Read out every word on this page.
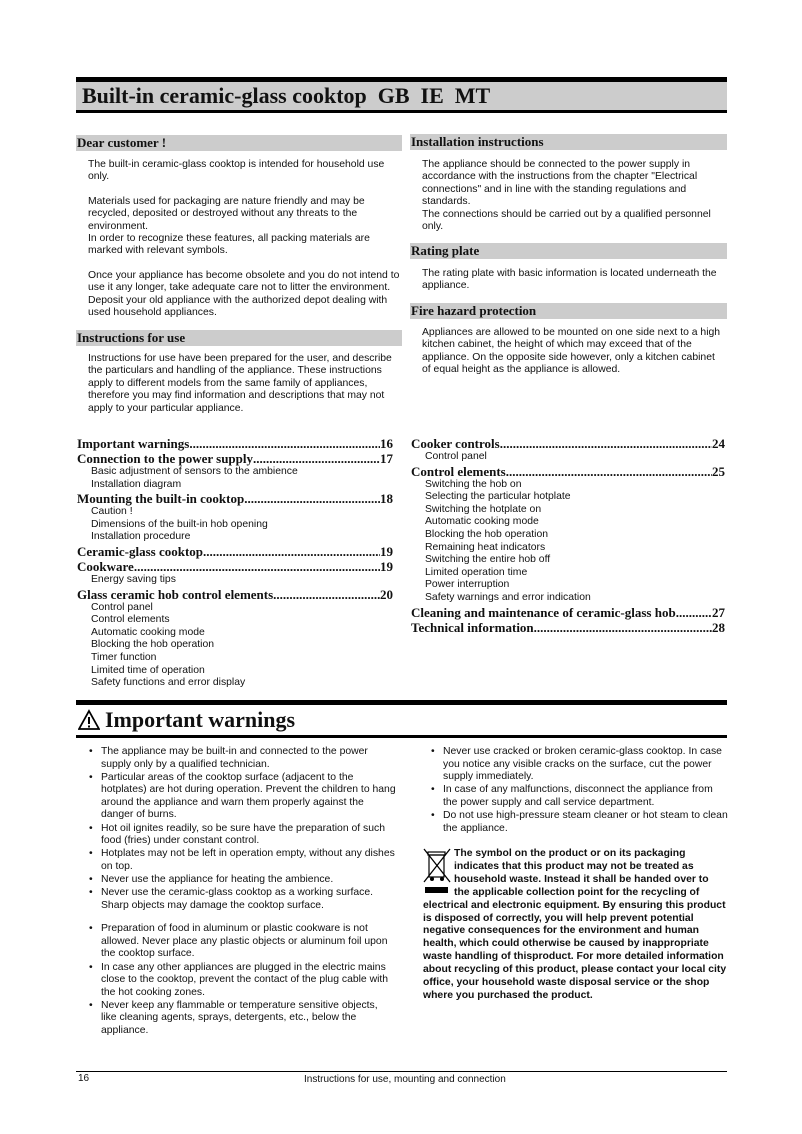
Built-in ceramic-glass cooktop  GB  IE  MT
Dear customer !

The built-in ceramic-glass cooktop is intended for household use only.

Materials used for packaging are nature friendly and may be recycled, deposited or destroyed without any threats to the environment.

In order to recognize these features, all packing materials are marked with relevant symbols.

Once your appliance has become obsolete and you do not intend to use it any longer, take adequate care not to litter the environment. Deposit your old appliance with the authorized depot dealing with used household appliances.

Instructions for use

Instructions for use have been prepared for the user, and describe the particulars and handling of the appliance. These instructions apply to different models from the same family of appliances, therefore you may find information and descriptions that may not apply to your particular appliance.

Installation instructions

The appliance should be connected to the power supply in accordance with the instructions from the chapter "Electrical connections" and in line with the standing regulations and standards.

The connections should be carried out by a qualified personnel only.

Rating plate

The rating plate with basic information is located underneath the appliance.

Fire hazard protection

Appliances are allowed to be mounted on one side next to a high kitchen cabinet, the height of which may exceed that of the appliance. On the opposite side however, only a kitchen cabinet of equal height as the appliance is allowed.

Important warnings .....	16
Connection to the power supply .....	17
Basic adjustment of sensors to the ambience
Installation diagram
Mounting the built-in cooktop .....	18
Caution !
Dimensions of the built-in hob opening
Installation procedure
Ceramic-glass cooktop .....	19
Cookware .....	19
Energy saving tips
Glass ceramic hob control elements .....	20
Control panel
Control elements
Automatic cooking mode
Blocking the hob operation
Timer function
Limited time of operation
Safety functions and error display
Cooker controls .....	24
Control panel
Control elements .....	25
Switching the hob on
Selecting the particular hotplate
Switching the hotplate on
Automatic cooking mode
Blocking the hob operation
Remaining heat indicators
Switching the entire hob off
Limited operation time
Power interruption
Safety warnings and error indication
Cleaning and maintenance of ceramic-glass hob .....	27
Technical information .....	28
Important warnings
• The appliance may be built-in and connected to the power supply only by a qualified technician.
• Particular areas of the cooktop surface (adjacent to the hotplates) are hot during operation. Prevent the children to hang around the appliance and warn them properly against the danger of burns.
• Hot oil ignites readily, so be sure have the preparation of such food (fries) under constant control.
• Hotplates may not be left in operation empty, without any dishes on top.
• Never use the appliance for heating the ambience.
• Never use the ceramic-glass cooktop as a working surface. Sharp objects may damage the cooktop surface.
• Preparation of food in aluminum or plastic cookware is not allowed. Never place any plastic objects or aluminum foil upon the cooktop surface.
• In case any other appliances are plugged in the electric mains close to the cooktop, prevent the contact of the plug cable with the hot cooking zones.
• Never keep any flammable or temperature sensitive objects, like cleaning agents, sprays, detergents, etc., below the appliance.
• Never use cracked or broken ceramic-glass cooktop. In case you notice any visible cracks on the surface, cut the power supply immediately.
• In case of any malfunctions, disconnect the appliance from the power supply and call service department.
• Do not use high-pressure steam cleaner or hot steam to clean the appliance.
The symbol on the product or on its packaging indicates that this product may not be treated as household waste. Instead it shall be handed over to the applicable collection point for the recycling of electrical and electronic equipment. By ensuring this product is disposed of correctly, you will help prevent potential negative consequences for the environment and human health, which could otherwise be caused by inappropriate waste handling of thisproduct. For more detailed information about recycling of this product, please contact your local city office, your household waste disposal service or the shop where you purchased the product.
16	Instructions for use, mounting and connection
